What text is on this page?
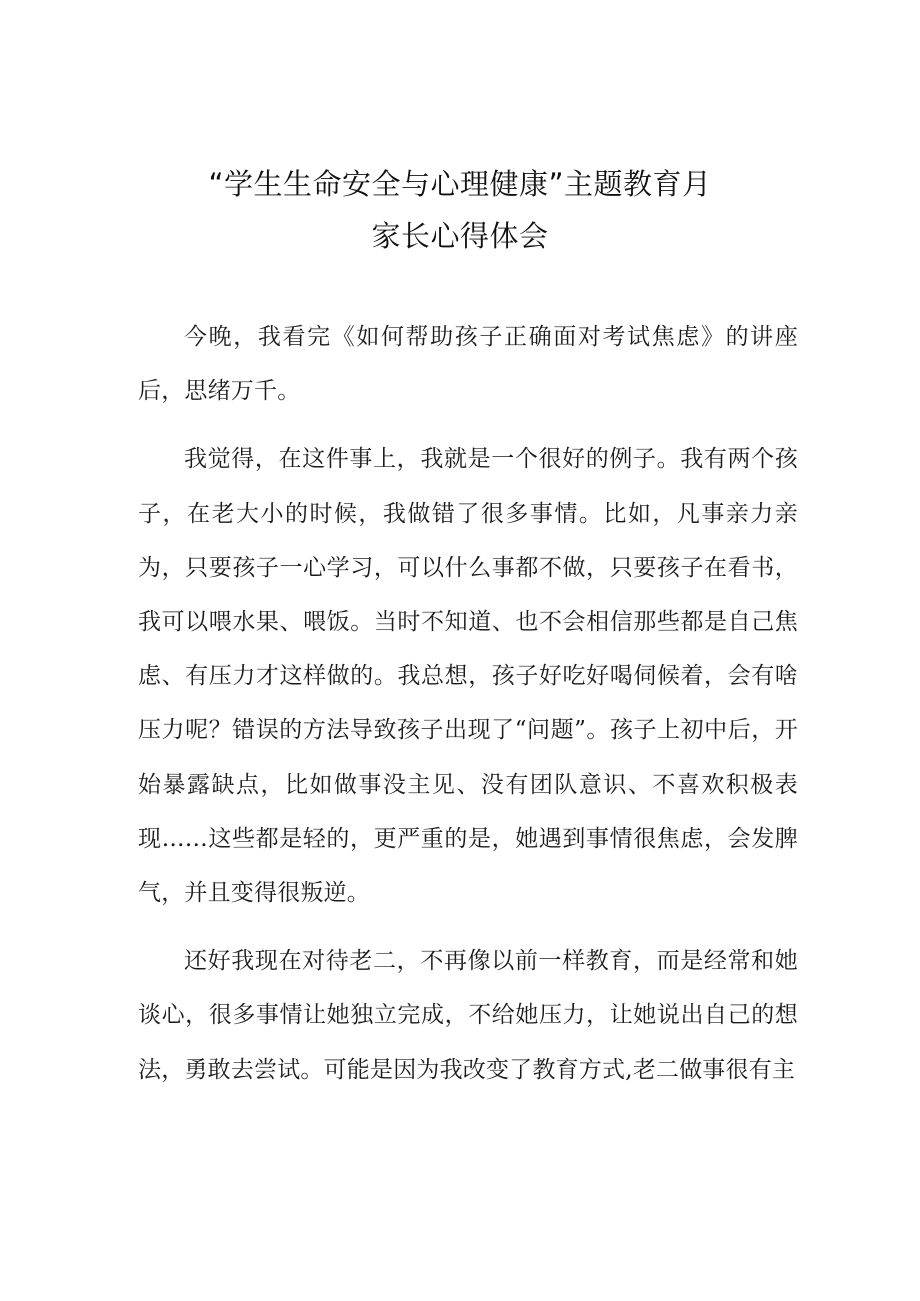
“学生生命安全与心理健康”主题教育月
家长心得体会

今晚，我看完《如何帮助孩子正确面对考试焦虑》的讲座后，思绪万千。

我觉得，在这件事上，我就是一个很好的例子。我有两个孩子，在老大小的时候，我做错了很多事情。比如，凡事亲力亲为，只要孩子一心学习，可以什么事都不做，只要孩子在看书，我可以喂水果、喂饭。当时不知道、也不会相信那些都是自己焦虑、有压力才这样做的。我总想，孩子好吃好喝伺候着，会有啥压力呢？错误的方法导致孩子出现了“问题”。孩子上初中后，开始暴露缺点，比如做事没主见、没有团队意识、不喜欢积极表现……这些都是轻的，更严重的是，她遇到事情很焦虑，会发脾气，并且变得很叛逆。

还好我现在对待老二，不再像以前一样教育，而是经常和她谈心，很多事情让她独立完成，不给她压力，让她说出自己的想法，勇敢去尝试。可能是因为我改变了教育方式,老二做事很有主
